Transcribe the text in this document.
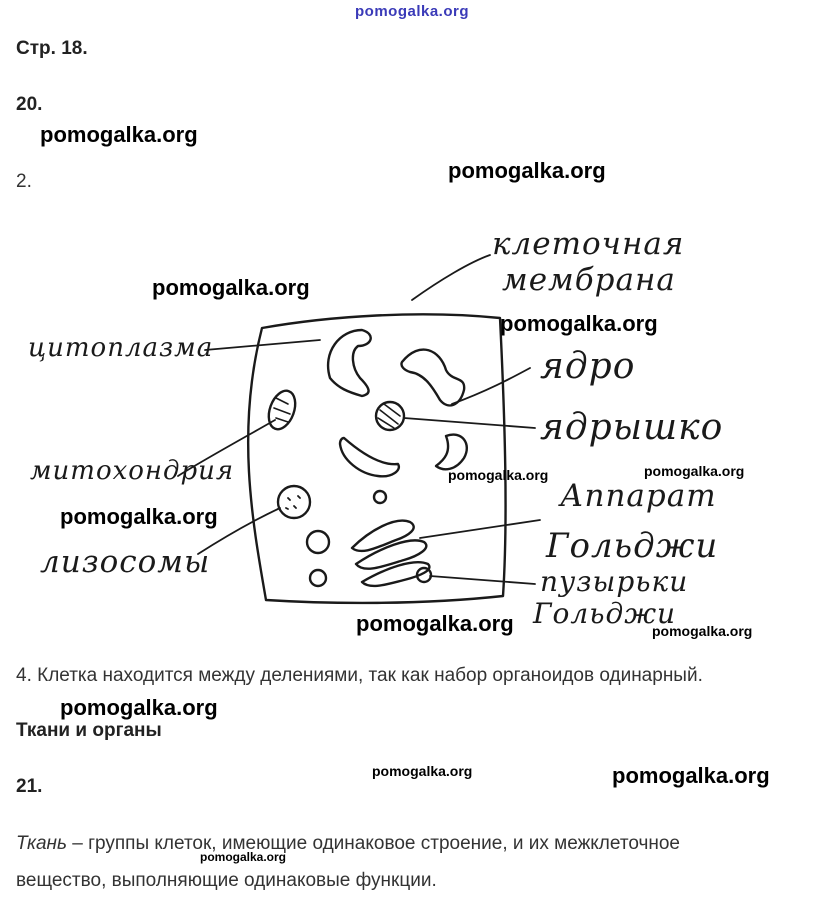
pomogalka.org
Стр. 18.
20.
2.
клеточная
мембрана
цитоплазма	ядро
ядрышко
митохондрия
Аппарат
Гольджи
лизосомы
пузырьки
Гольджи
4. Клетка находится между делениями, так как набор органоидов одинарный.
Ткани и органы
21.
Ткань – группы клеток, имеющие одинаковое строение, и их межклеточное
вещество, выполняющие одинаковые функции.
pomogalka.org
pomogalka.org
pomogalka.org
pomogalka.org
pomogalka.org	pomogalka.org
pomogalka.org
pomogalka.org	pomogalka.org
pomogalka.org
pomogalka.org	pomogalka.org
pomogalka.org
